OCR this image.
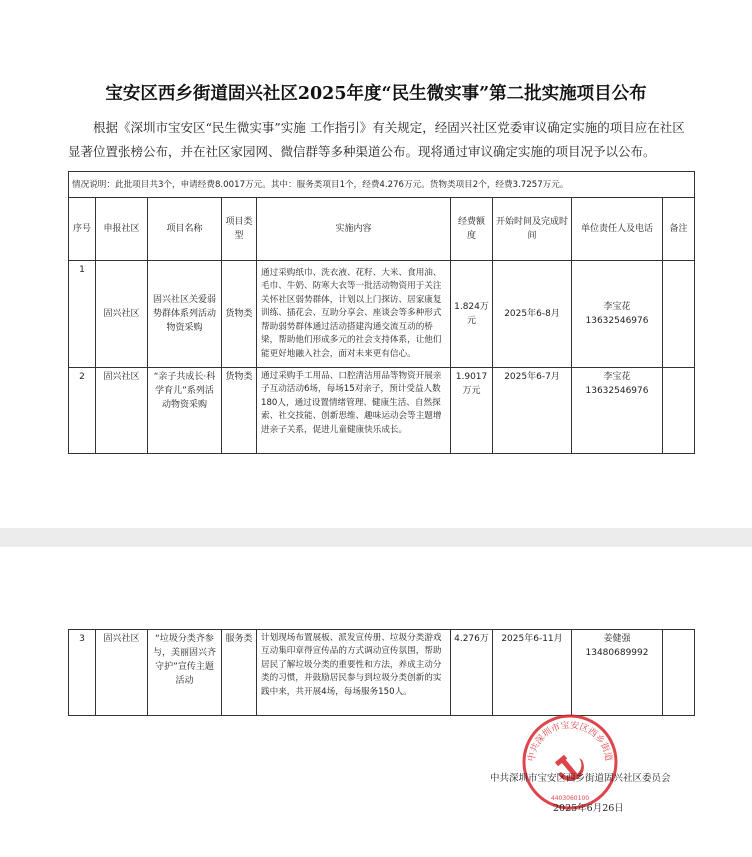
宝安区西乡街道固兴社区2025年度“民生微实事”第二批实施项目公布
根据《深圳市宝安区“民生微实事”实施 工作指引》有关规定，经固兴社区党委审议确定实施的项目应在社区显著位置张榜公布，并在社区家园网、微信群等多种渠道公布。现将通过审议确定实施的项目况予以公布。
情况说明：此批项目共3个，申请经费8.0017万元。其中：服务类项目1个，经费4.276万元。货物类项目2个，经费3.7257万元。								
序号	申报社区	项目名称	项目类型	实施内容	经费额度	开始时间及完成时间	单位责任人及电话	备注
1	固兴社区	固兴社区关爱弱势群体系列活动物资采购	货物类	通过采购纸巾、洗衣液、花籽、大米、食用油、毛巾、牛奶、防寒大衣等一批活动物资用于关注关怀社区弱势群体，计划以上门探访、居家康复训练、插花会、互助分享会、座谈会等多种形式帮助弱势群体通过活动搭建沟通交流互动的桥梁，帮助他们形成多元的社会支持体系，让他们能更好地融入社会，面对未来更有信心。	1.824万元	2025年6-8月	李宝花
13632546976	

2	固兴社区	“亲子共成长·科学育儿”系列活动物资采购	货物类	通过采购手工用品、口腔清洁用品等物资开展亲子互动活动6场，每场15对亲子，预计受益人数180人，通过设置情绪管理、健康生活、自然探索、社交技能、创新思维、趣味运动会等主题增进亲子关系，促进儿童健康快乐成长。	1.9017万元	2025年6-7月	李宝花
13632546976	

3	固兴社区	“垃圾分类齐参与，美丽固兴齐守护”宣传主题活动	服务类	计划现场布置展板、派发宣传册、垃圾分类游戏互动集印章得宣传品的方式调动宣传氛围，帮助居民了解垃圾分类的重要性和方法，养成主动分类的习惯，并鼓励居民参与到垃圾分类创新的实践中来，共开展4场，每场服务150人。	4.276万	2025年6-11月	姜健强
13480689992

中共深圳市宝安区西乡街道
4403060100
中共深圳市宝安区西乡街道固兴社区委员会
2025年6月26日
